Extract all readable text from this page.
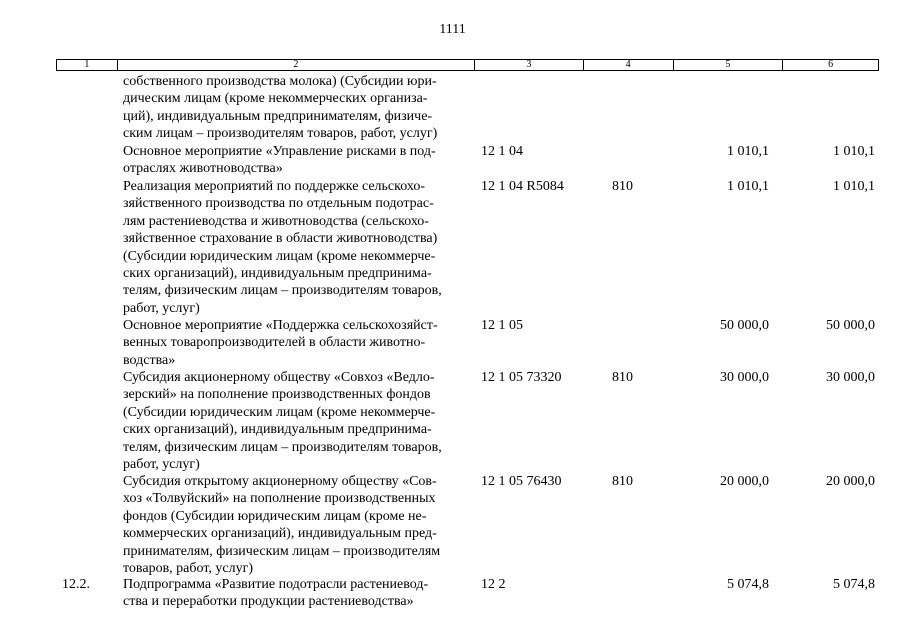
1111
1	2	3	4	5	6
собственного производства молока) (Субсидии юри-
дическим лицам (кроме некоммерческих организа-
ций), индивидуальным предпринимателям, физиче-
ским лицам – производителям товаров, работ, услуг)
Основное мероприятие «Управление рисками в под-
отраслях животноводства»
12 1 04	1 010,1	1 010,1
Реализация мероприятий по поддержке сельскохо-
зяйственного производства по отдельным подотрас-
лям растениеводства и животноводства (сельскохо-
зяйственное страхование в области животноводства)
(Субсидии юридическим лицам (кроме некоммерче-
ских организаций), индивидуальным предпринима-
телям, физическим лицам – производителям товаров,
работ, услуг)
12 1 04 R5084	810	1 010,1	1 010,1
Основное мероприятие «Поддержка сельскохозяйст-
венных товаропроизводителей в области животно-
водства»
12 1 05	50 000,0	50 000,0
Субсидия акционерному обществу «Совхоз «Ведло-
зерский» на пополнение производственных фондов
(Субсидии юридическим лицам (кроме некоммерче-
ских организаций), индивидуальным предпринима-
телям, физическим лицам – производителям товаров,
работ, услуг)
12 1 05 73320	810	30 000,0	30 000,0
Субсидия открытому акционерному обществу «Сов-
хоз «Толвуйский» на пополнение производственных
фондов (Субсидии юридическим лицам (кроме не-
коммерческих организаций), индивидуальным пред-
принимателям, физическим лицам – производителям
товаров, работ, услуг)
12 1 05 76430	810	20 000,0	20 000,0
12.2. Подпрограмма «Развитие подотрасли растениевод-
ства и переработки продукции растениеводства»
12 2	5 074,8	5 074,8
